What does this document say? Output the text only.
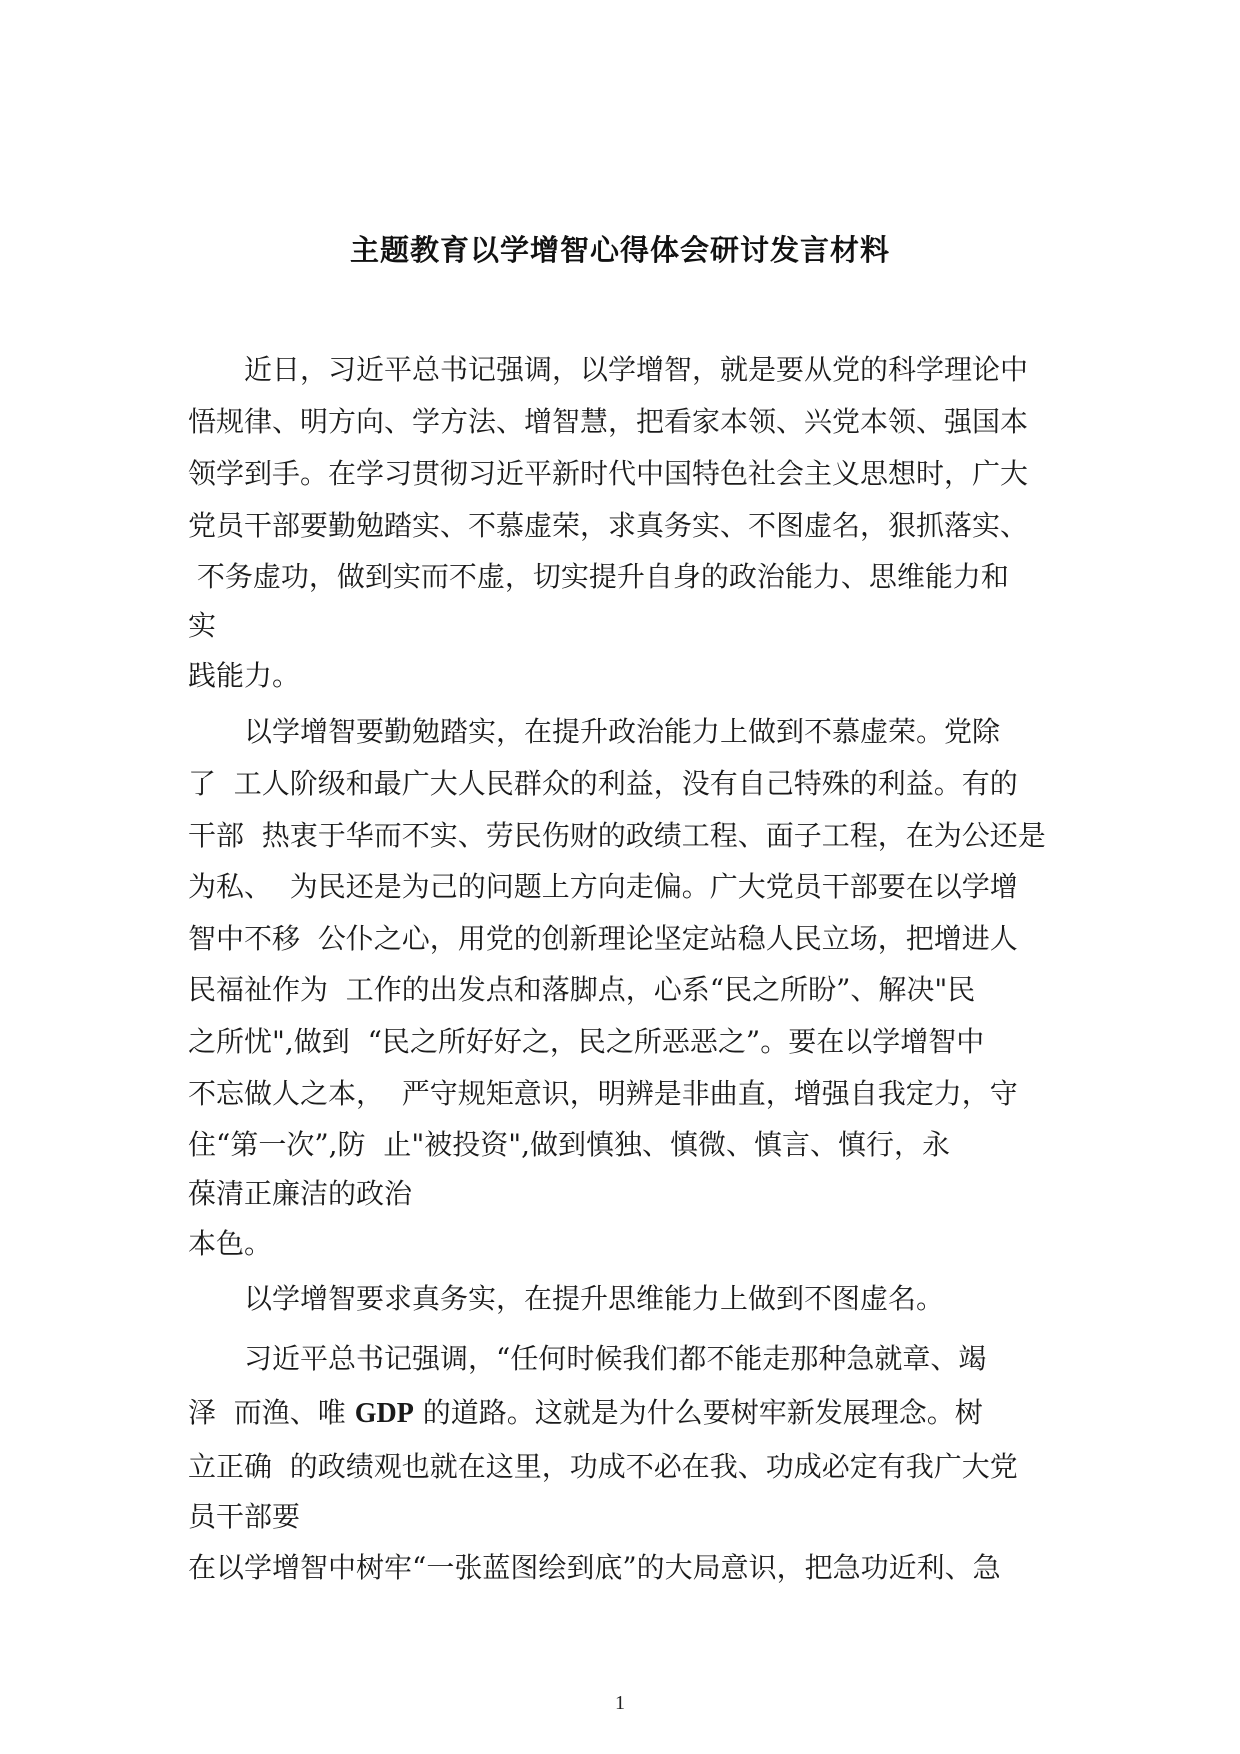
主题教育以学增智心得体会研讨发言材料
　　近日，习近平总书记强调，以学增智，就是要从党的科学理论中
悟规律、明方向、学方法、增智慧，把看家本领、兴党本领、强国本
领学到手。在学习贯彻习近平新时代中国特色社会主义思想时，广大
党员干部要勤勉踏实、不慕虚荣，求真务实、不图虚名，狠抓落实、
不务虚功，做到实而不虚，切实提升自身的政治能力、思维能力和
实
践能力。
　　以学增智要勤勉踏实，在提升政治能力上做到不慕虚荣。党除
了  工人阶级和最广大人民群众的利益，没有自己特殊的利益。有的
干部  热衷于华而不实、劳民伤财的政绩工程、面子工程，在为公还是
为私、  为民还是为己的问题上方向走偏。广大党员干部要在以学增
智中不移  公仆之心，用党的创新理论坚定站稳人民立场，把增进人
民福祉作为  工作的出发点和落脚点，心系“民之所盼”、解决"民
之所忧",做到  “民之所好好之，民之所恶恶之”。要在以学增智中
不忘做人之本，  严守规矩意识，明辨是非曲直，增强自我定力，守
住“第一次”,防  止"被投资",做到慎独、慎微、慎言、慎行，永
葆清正廉洁的政治
本色。
　　以学增智要求真务实，在提升思维能力上做到不图虚名。
　　习近平总书记强调，“任何时候我们都不能走那种急就章、竭
泽  而渔、唯 GDP 的道路。这就是为什么要树牢新发展理念。树
立正确  的政绩观也就在这里，功成不必在我、功成必定有我广大党
员干部要
在以学增智中树牢“一张蓝图绘到底”的大局意识，把急功近利、急
1
